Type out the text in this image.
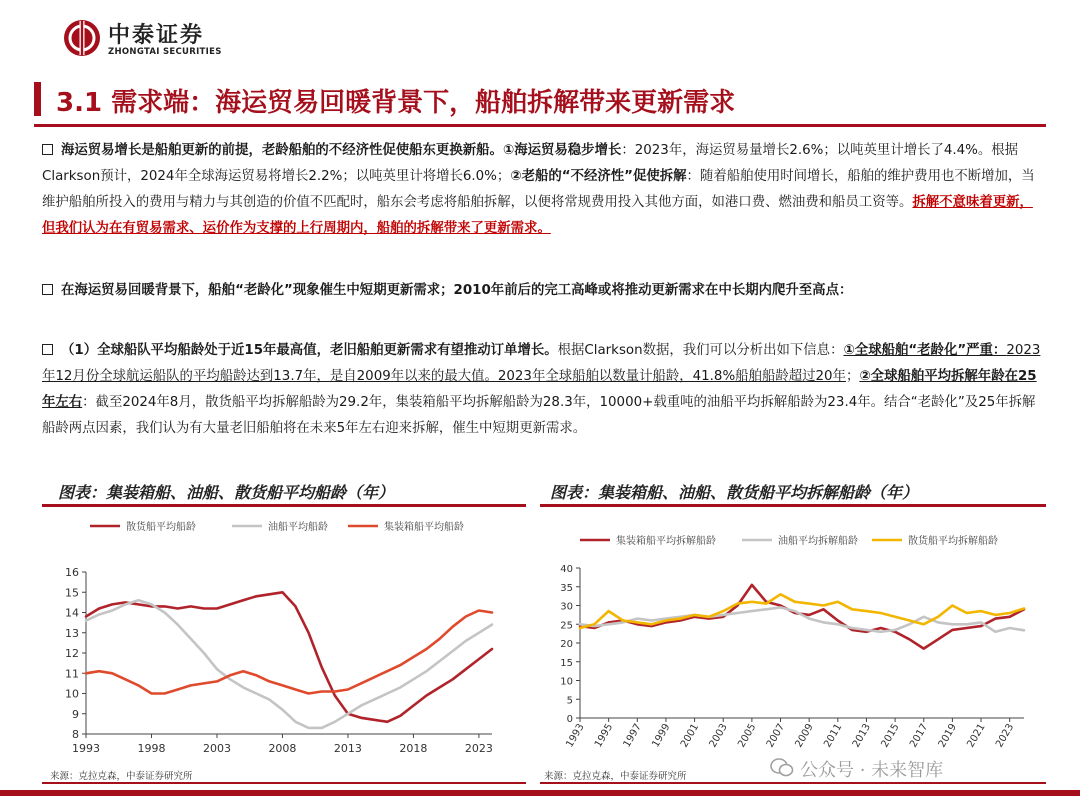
中泰证券
ZHONGTAI SECURITIES
3.1 需求端：海运贸易回暖背景下，船舶拆解带来更新需求
海运贸易增长是船舶更新的前提，老龄船舶的不经济性促使船东更换新船。①海运贸易稳步增长：2023年，海运贸易量增长2.6%；以吨英里计增长了4.4%。根据Clarkson预计，2024年全球海运贸易将增长2.2%；以吨英里计将增长6.0%；②老船的“不经济性”促使拆解：随着船舶使用时间增长，船舶的维护费用也不断增加，当维护船舶所投入的费用与精力与其创造的价值不匹配时，船东会考虑将船舶拆解，以便将常规费用投入其他方面，如港口费、燃油费和船员工资等。拆解不意味着更新，但我们认为在有贸易需求、运价作为支撑的上行周期内，船舶的拆解带来了更新需求。
在海运贸易回暖背景下，船舶“老龄化”现象催生中短期更新需求；2010年前后的完工高峰或将推动更新需求在中长期内爬升至高点：
（1）全球船队平均船龄处于近15年最高值，老旧船舶更新需求有望推动订单增长。根据Clarkson数据，我们可以分析出如下信息：①全球船舶“老龄化”严重：2023年12月份全球航运船队的平均船龄达到13.7年，是自2009年以来的最大值。2023年全球船舶以数量计船龄，41.8%船舶船龄超过20年；②全球船舶平均拆解年龄在25年左右：截至2024年8月，散货船平均拆解船龄为29.2年，集装箱船平均拆解船龄为28.3年，10000+载重吨的油船平均拆解船龄为23.4年。结合“老龄化”及25年拆解船龄两点因素，我们认为有大量老旧船舶将在未来5年左右迎来拆解，催生中短期更新需求。
图表：集装箱船、油船、散货船平均船龄（年）
8
9
10
11
12
13
14
15
16
1993	1998	2003	2008	2013	2018	2023
散货船平均船龄	油船平均船龄	集装箱船平均船龄
来源：克拉克森，中泰证券研究所
图表：集装箱船、油船、散货船平均拆解船龄（年）
0
5
10
15
20
25
30
35
40
1993 1995 1997 1999 2001 2003 2005 2007 2009 2011 2013 2015 2017 2019 2021 2023
集装箱船平均拆解船龄	油船平均拆解船龄	散货船平均拆解船龄
来源：克拉克森，中泰证券研究所	公众号 · 未来智库
